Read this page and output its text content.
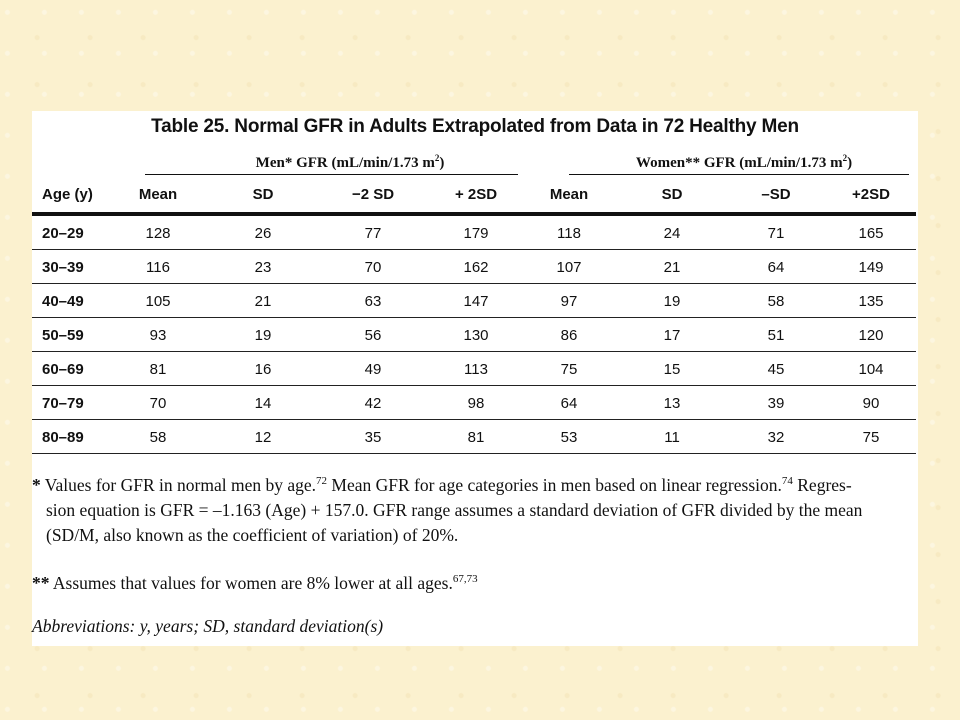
Table 25. Normal GFR in Adults Extrapolated from Data in 72 Healthy Men
Men* GFR (mL/min/1.73 $m^2$)	Women** GFR (mL/min/1.73 $m^2$)
Age (y)	Mean	SD	−2 SD	+ 2SD	Mean	SD	–SD	+2SD
20–29	128	26	77	179	118	24	71	165
30–39	116	23	70	162	107	21	64	149
40–49	105	21	63	147	97	19	58	135
50–59	93	19	56	130	86	17	51	120
60–69	81	16	49	113	75	15	45	104
70–79	70	14	42	98	64	13	39	90
80–89	58	12	35	81	53	11	32	75
* Values for GFR in normal men by age.$^{72}$ Mean GFR for age categories in men based on linear regression.$^{74}$ Regres-
sion equation is GFR = –1.163 (Age) + 157.0. GFR range assumes a standard deviation of GFR divided by the mean
(SD/M, also known as the coefficient of variation) of 20%.
** Assumes that values for women are 8% lower at all ages.$^{67,73}$
Abbreviations: y, years; SD, standard deviation(s)
